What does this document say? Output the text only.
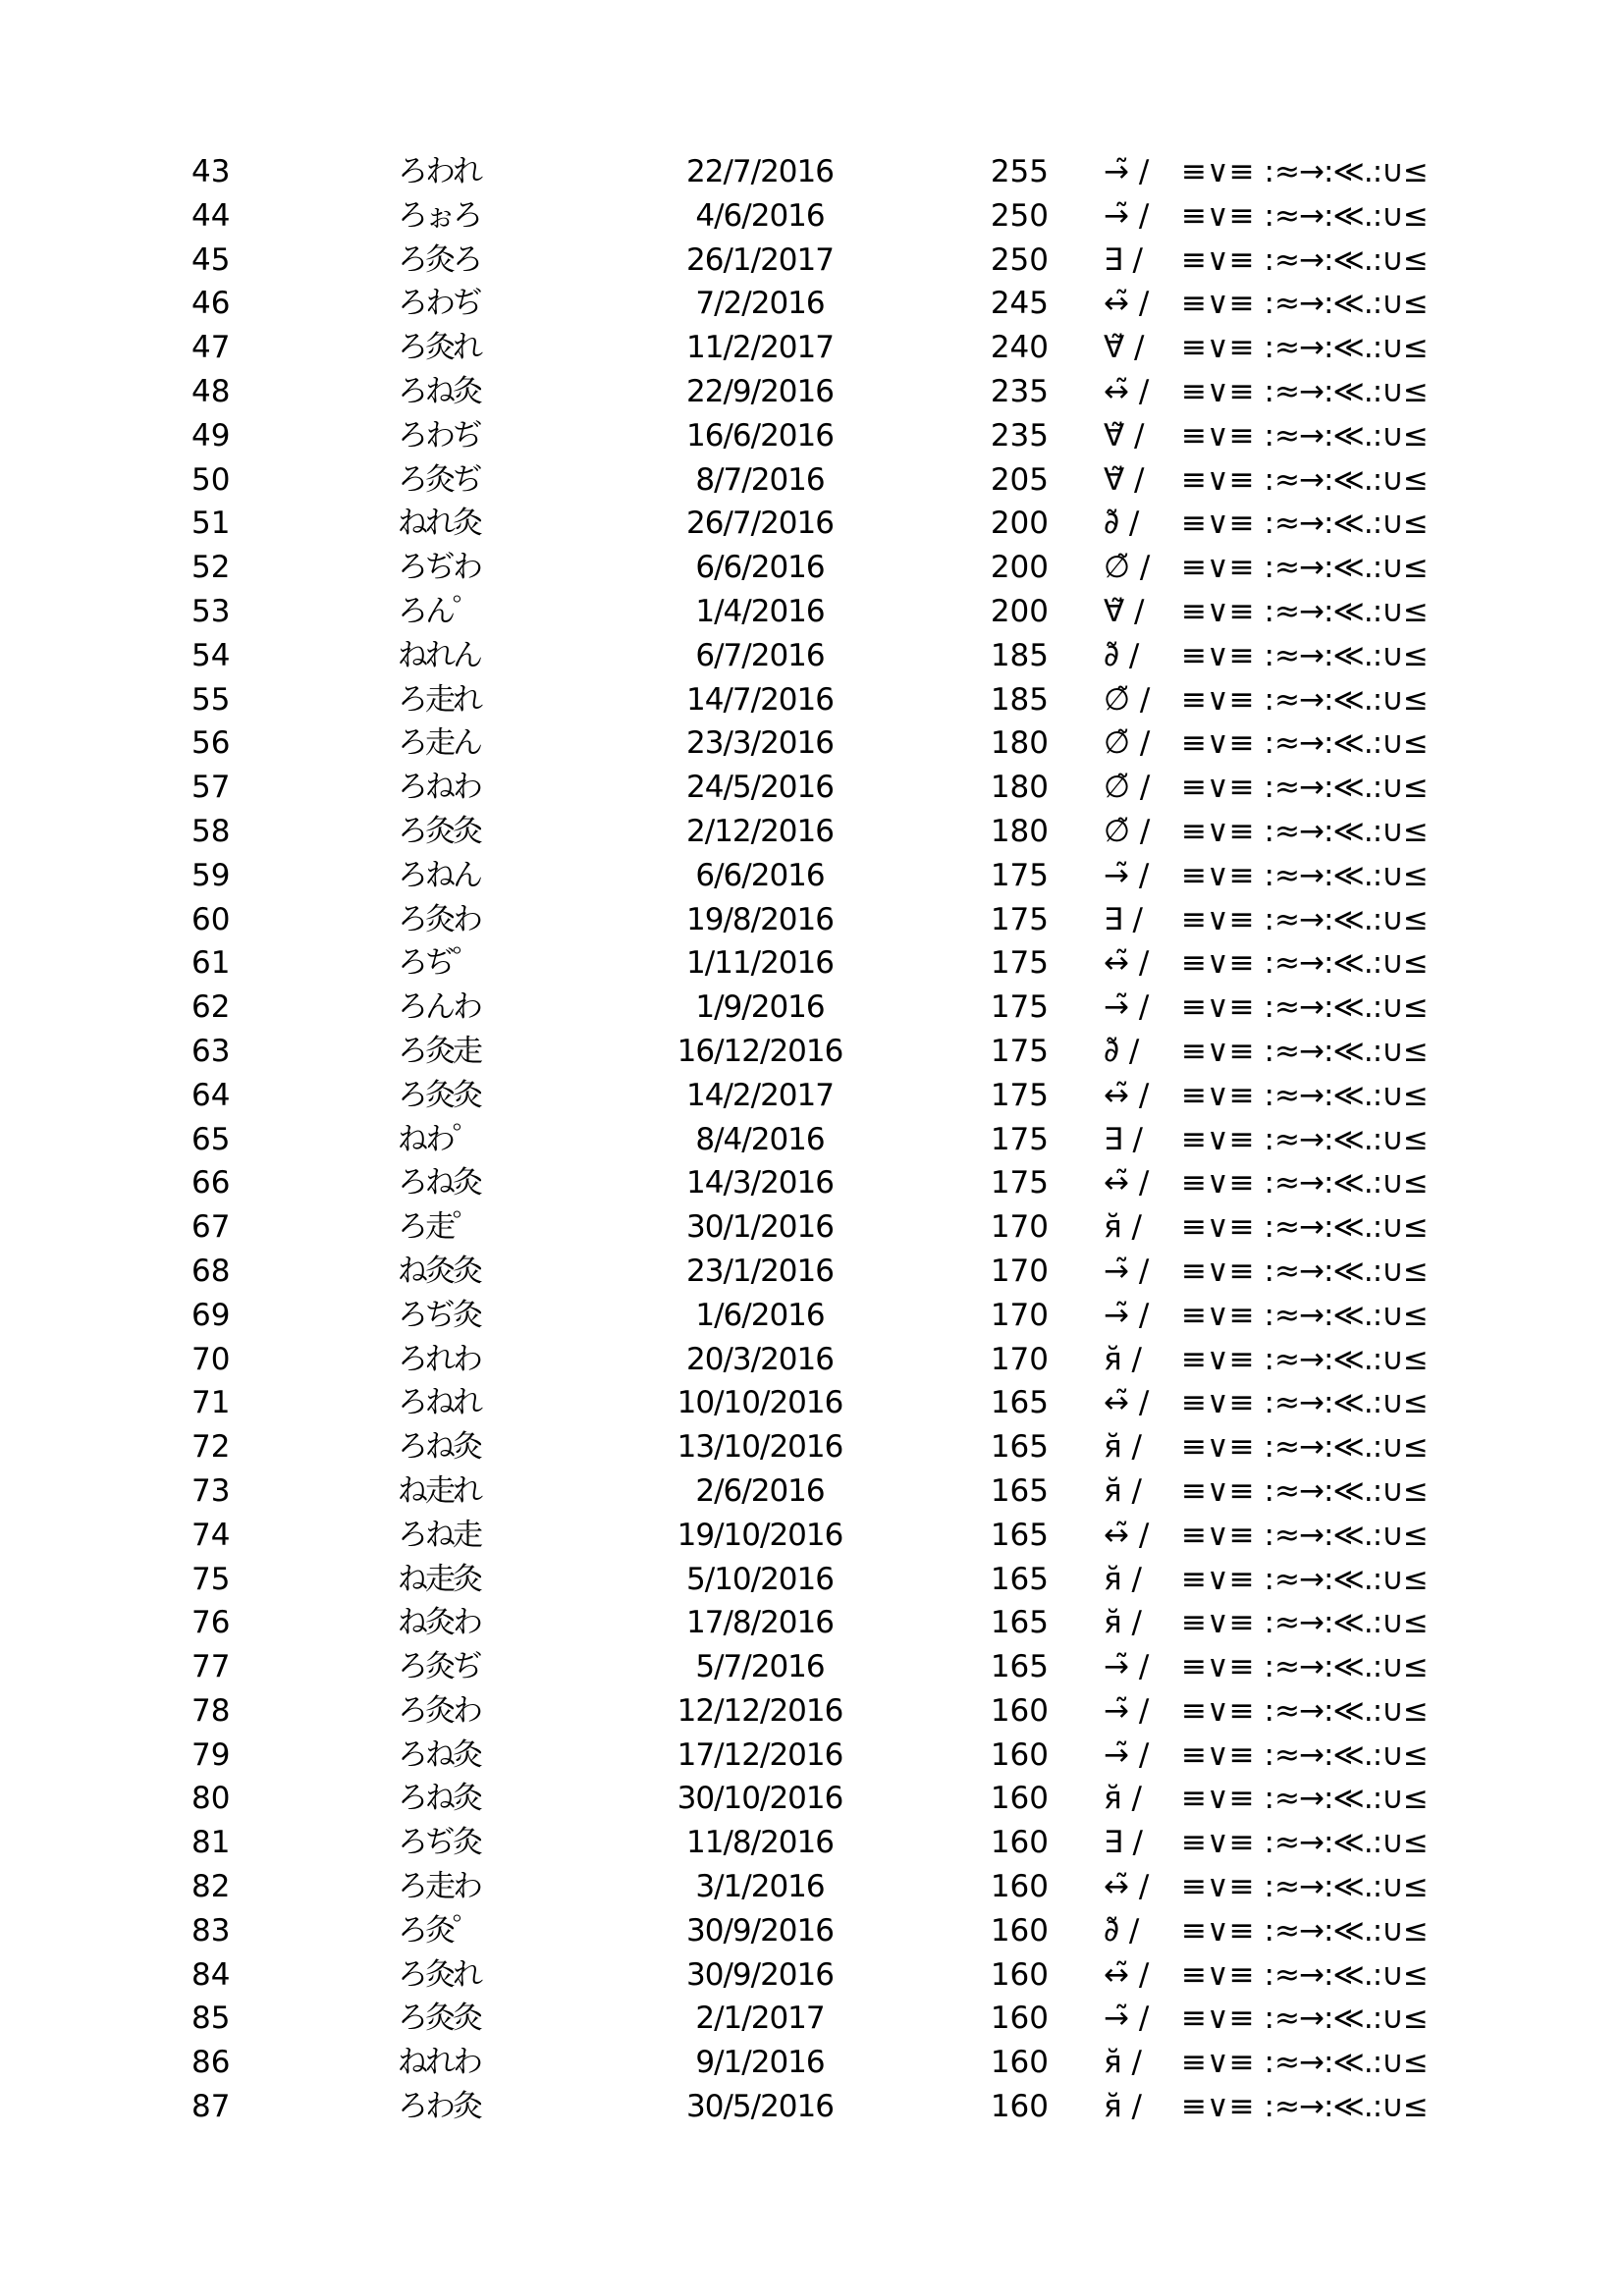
43	ろわれ	22/7/2016	255 →̃ / ≡∨≡ :≈ →:≪.:∪≤
44	ろぉろ	4/6/2016	250 →̃ / ≡∨≡ :≈ →:≪.:∪≤
45	ろ灸ろ	26/1/2017	250 ∃ / ≡∨≡ :≈ →:≪.:∪≤
46	ろわぢ	7/2/2016	245 ↔̃ / ≡∨≡ :≈ →:≪.:∪≤
47	ろ灸れ	11/2/2017	240 ∀̃ / ≡∨≡ :≈ →:≪.:∪≤
48	ろね灸	22/9/2016	235 ↔̃ / ≡∨≡ :≈ →:≪.:∪≤
49	ろわぢ	16/6/2016	235 ∀̃ / ≡∨≡ :≈ →:≪.:∪≤
50	ろ灸ぢ	8/7/2016	205 ∀̃ / ≡∨≡ :≈ →:≪.:∪≤
51	ねれ灸	26/7/2016	200 ∂̃ / ≡∨≡ :≈ →:≪.:∪≤
52	ろぢわ	6/6/2016	200 ∅̃ / ≡∨≡ :≈ →:≪.:∪≤
53	ろん゜	1/4/2016	200 ∀̃ / ≡∨≡ :≈ →:≪.:∪≤
54	ねれん	6/7/2016	185 ∂̃ / ≡∨≡ :≈ →:≪.:∪≤
55	ろ走れ	14/7/2016	185 ∅̃ / ≡∨≡ :≈ →:≪.:∪≤
56	ろ走ん	23/3/2016	180 ∅̃ / ≡∨≡ :≈ →:≪.:∪≤
57	ろねわ	24/5/2016	180 ∅̃ / ≡∨≡ :≈ →:≪.:∪≤
58	ろ灸灸	2/12/2016	180 ∅̃ / ≡∨≡ :≈ →:≪.:∪≤
59	ろねん	6/6/2016	175 →̃ / ≡∨≡ :≈ →:≪.:∪≤
60	ろ灸わ	19/8/2016	175 ∃ / ≡∨≡ :≈ →:≪.:∪≤
61	ろぢ゜	1/11/2016	175 ↔̃ / ≡∨≡ :≈ →:≪.:∪≤
62	ろんわ	1/9/2016	175 →̃ / ≡∨≡ :≈ →:≪.:∪≤
63	ろ灸走	16/12/2016	175 ∂̃ / ≡∨≡ :≈ →:≪.:∪≤
64	ろ灸灸	14/2/2017	175 ↔̃ / ≡∨≡ :≈ →:≪.:∪≤
65	ねわ゜	8/4/2016	175 ∃ / ≡∨≡ :≈ →:≪.:∪≤
66	ろね灸	14/3/2016	175 ↔̃ / ≡∨≡ :≈ →:≪.:∪≤
67	ろ走゜	30/1/2016	170 я̆ / ≡∨≡ :≈ →:≪.:∪≤
68	ね灸灸	23/1/2016	170 →̃ / ≡∨≡ :≈ →:≪.:∪≤
69	ろぢ灸	1/6/2016	170 →̃ / ≡∨≡ :≈ →:≪.:∪≤
70	ろれわ	20/3/2016	170 я̆ / ≡∨≡ :≈ →:≪.:∪≤
71	ろねれ	10/10/2016	165 ↔̃ / ≡∨≡ :≈ →:≪.:∪≤
72	ろね灸	13/10/2016	165 я̆ / ≡∨≡ :≈ →:≪.:∪≤
73	ね走れ	2/6/2016	165 я̆ / ≡∨≡ :≈ →:≪.:∪≤
74	ろね走	19/10/2016	165 ↔̃ / ≡∨≡ :≈ →:≪.:∪≤
75	ね走灸	5/10/2016	165 я̆ / ≡∨≡ :≈ →:≪.:∪≤
76	ね灸わ	17/8/2016	165 я̆ / ≡∨≡ :≈ →:≪.:∪≤
77	ろ灸ぢ	5/7/2016	165 →̃ / ≡∨≡ :≈ →:≪.:∪≤
78	ろ灸わ	12/12/2016	160 →̃ / ≡∨≡ :≈ →:≪.:∪≤
79	ろね灸	17/12/2016	160 →̃ / ≡∨≡ :≈ →:≪.:∪≤
80	ろね灸	30/10/2016	160 я̆ / ≡∨≡ :≈ →:≪.:∪≤
81	ろぢ灸	11/8/2016	160 ∃ / ≡∨≡ :≈ →:≪.:∪≤
82	ろ走わ	3/1/2016	160 ↔̃ / ≡∨≡ :≈ →:≪.:∪≤
83	ろ灸゜	30/9/2016	160 ∂̃ / ≡∨≡ :≈ →:≪.:∪≤
84	ろ灸れ	30/9/2016	160 ↔̃ / ≡∨≡ :≈ →:≪.:∪≤
85	ろ灸灸	2/1/2017	160 →̃ / ≡∨≡ :≈ →:≪.:∪≤
86	ねれわ	9/1/2016	160 я̆ / ≡∨≡ :≈ →:≪.:∪≤
87	ろわ灸	30/5/2016	160 я̆ / ≡∨≡ :≈ →:≪.:∪≤
